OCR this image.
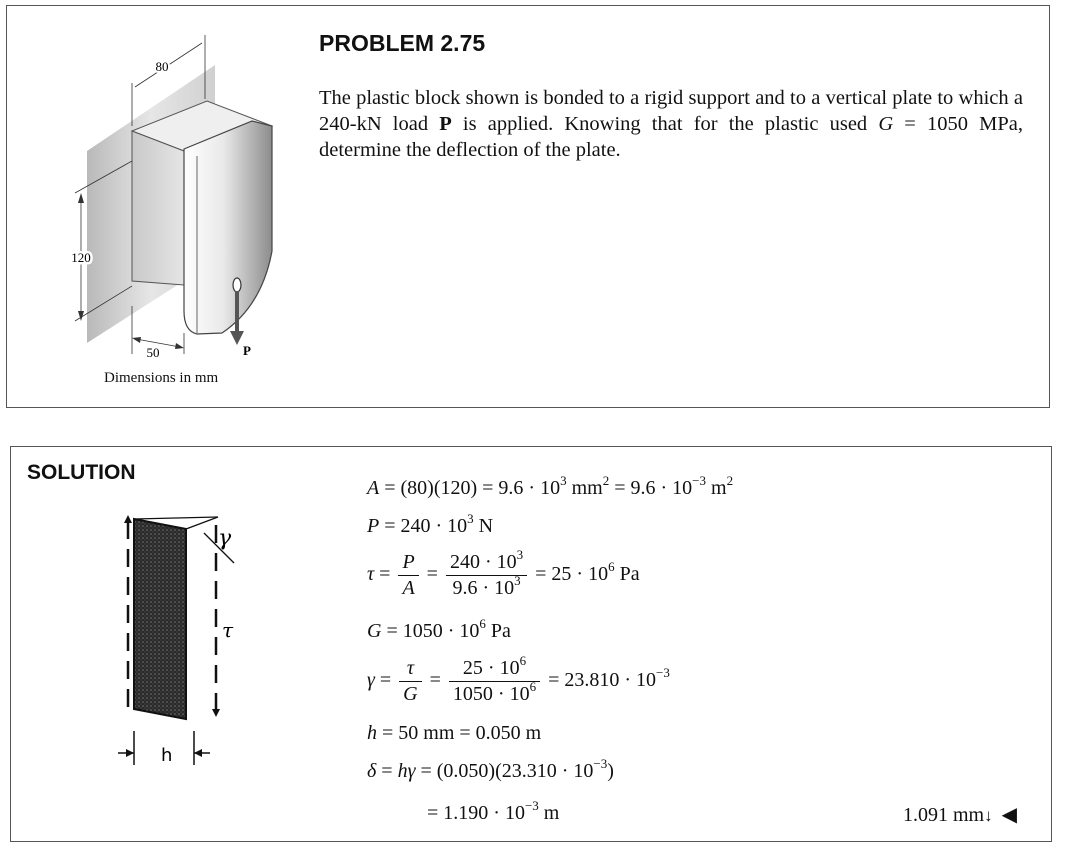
P
80
120
50
Dimensions in mm
PROBLEM 2.75
The plastic block shown is bonded to a rigid support and to a vertical plate to which a 240-kN load P is applied. Knowing that for the plastic used G = 1050 MPa, determine the deflection of the plate.
SOLUTION
γ
τ
h
$A = (80)(120) = 9.6 \cdot 10^3$ $mm^2 = 9.6 \cdot 10^{-3}$ $m^2$
$P = 240 \cdot 10^3$ N
$\tau = \frac{P}{A} = \frac{240 \cdot 10^3}{9.6 \cdot 10^3} = 25 \cdot 10^6$ Pa
$G = 1050 \cdot 10^6$ Pa
$\gamma = \frac{\tau}{G} = \frac{25 \cdot 10^6}{1050 \cdot 10^6} = 23.810 \cdot 10^{-3}$
h = 50 mm = 0.050 m
$\delta = h\gamma = (0.050)(23.310 \cdot 10^{-3})$
= $1.190 \cdot 10^{-3}$ m	1.091 mm↓ ◀
